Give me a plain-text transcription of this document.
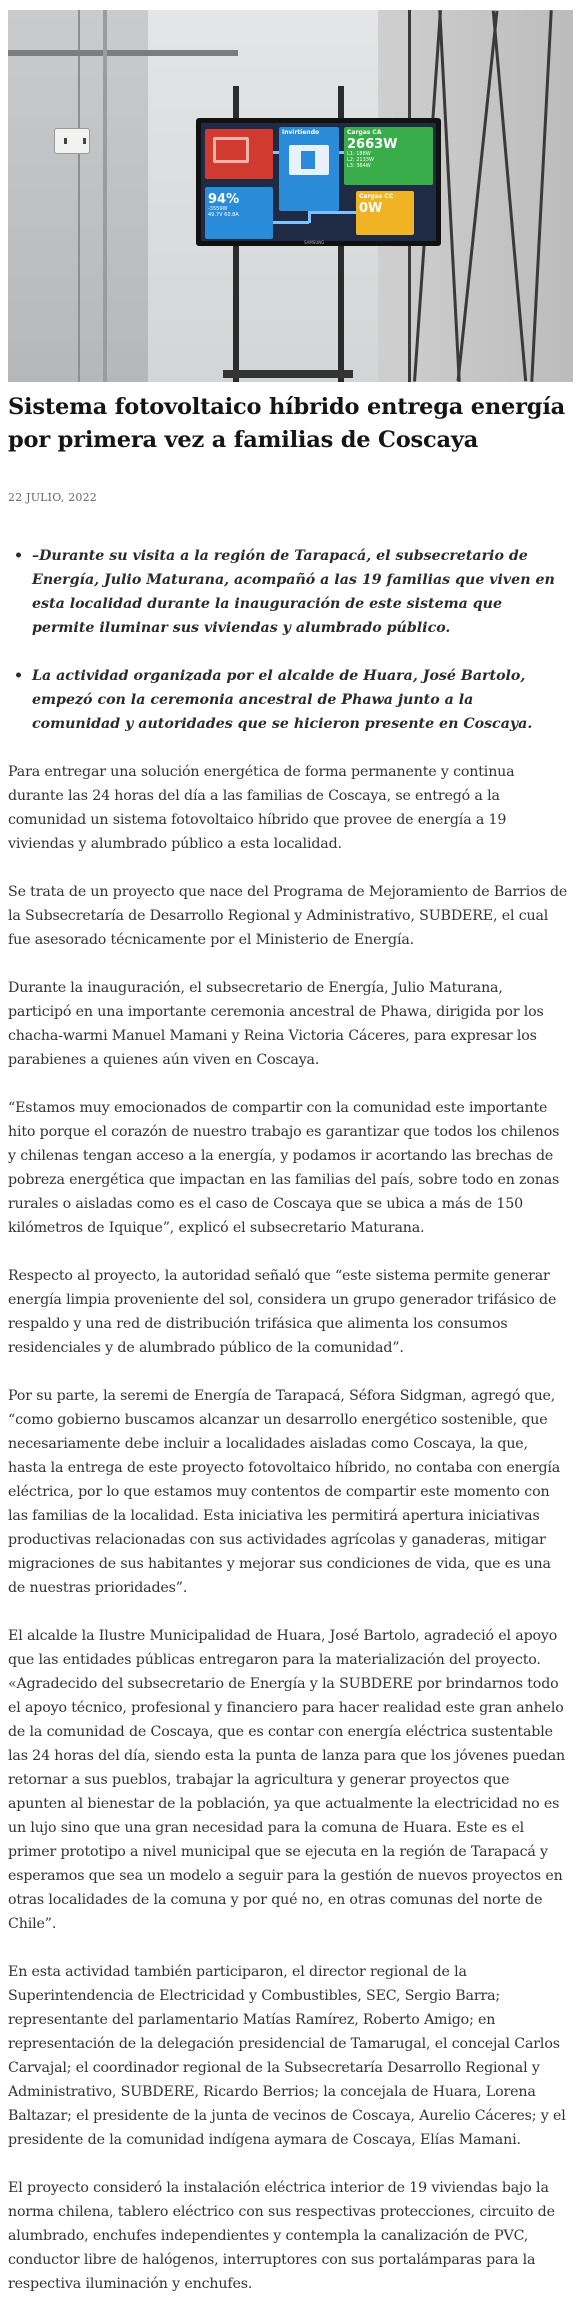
Invirtiendo	Cargas CA
2663W
L1: 188W
L2: 2133W
L3: 364W
94%
-3559W
49.7V 60.8A
Cargas CC
0W
SAMSUNG
Sistema fotovoltaico híbrido entrega energía por primera vez a familias de Coscaya
22 JULIO, 2022
• –Durante su visita a la región de Tarapacá, el subsecretario de Energía, Julio Maturana, acompañó a las 19 familias que viven en esta localidad durante la inauguración de este sistema que permite iluminar sus viviendas y alumbrado público.
• La actividad organizada por el alcalde de Huara, José Bartolo, empezó con la ceremonia ancestral de Phawa junto a la comunidad y autoridades que se hicieron presente en Coscaya.

Para entregar una solución energética de forma permanente y continua durante las 24 horas del día a las familias de Coscaya, se entregó a la comunidad un sistema fotovoltaico híbrido que provee de energía a 19 viviendas y alumbrado público a esta localidad.

Se trata de un proyecto que nace del Programa de Mejoramiento de Barrios de la Subsecretaría de Desarrollo Regional y Administrativo, SUBDERE, el cual fue asesorado técnicamente por el Ministerio de Energía.

Durante la inauguración, el subsecretario de Energía, Julio Maturana, participó en una importante ceremonia ancestral de Phawa, dirigida por los chacha-warmi Manuel Mamani y Reina Victoria Cáceres, para expresar los parabienes a quienes aún viven en Coscaya.

“Estamos muy emocionados de compartir con la comunidad este importante hito porque el corazón de nuestro trabajo es garantizar que todos los chilenos y chilenas tengan acceso a la energía, y podamos ir acortando las brechas de pobreza energética que impactan en las familias del país, sobre todo en zonas rurales o aisladas como es el caso de Coscaya que se ubica a más de 150 kilómetros de Iquique”, explicó el subsecretario Maturana.

Respecto al proyecto, la autoridad señaló que “este sistema permite generar energía limpia proveniente del sol, considera un grupo generador trifásico de respaldo y una red de distribución trifásica que alimenta los consumos residenciales y de alumbrado público de la comunidad”.

Por su parte, la seremi de Energía de Tarapacá, Séfora Sidgman, agregó que, “como gobierno buscamos alcanzar un desarrollo energético sostenible, que necesariamente debe incluir a localidades aisladas como Coscaya, la que, hasta la entrega de este proyecto fotovoltaico híbrido, no contaba con energía eléctrica, por lo que estamos muy contentos de compartir este momento con las familias de la localidad. Esta iniciativa les permitirá apertura iniciativas productivas relacionadas con sus actividades agrícolas y ganaderas, mitigar migraciones de sus habitantes y mejorar sus condiciones de vida, que es una de nuestras prioridades”.

El alcalde la Ilustre Municipalidad de Huara, José Bartolo, agradeció el apoyo que las entidades públicas entregaron para la materialización del proyecto. «Agradecido del subsecretario de Energía y la SUBDERE por brindarnos todo el apoyo técnico, profesional y financiero para hacer realidad este gran anhelo de la comunidad de Coscaya, que es contar con energía eléctrica sustentable las 24 horas del día, siendo esta la punta de lanza para que los jóvenes puedan retornar a sus pueblos, trabajar la agricultura y generar proyectos que apunten al bienestar de la población, ya que actualmente la electricidad no es un lujo sino que una gran necesidad para la comuna de Huara. Este es el primer prototipo a nivel municipal que se ejecuta en la región de Tarapacá y esperamos que sea un modelo a seguir para la gestión de nuevos proyectos en otras localidades de la comuna y por qué no, en otras comunas del norte de Chile”.

En esta actividad también participaron, el director regional de la Superintendencia de Electricidad y Combustibles, SEC, Sergio Barra; representante del parlamentario Matías Ramírez, Roberto Amigo; en representación de la delegación presidencial de Tamarugal, el concejal Carlos Carvajal; el coordinador regional de la Subsecretaría Desarrollo Regional y Administrativo, SUBDERE, Ricardo Berrios; la concejala de Huara, Lorena Baltazar; el presidente de la junta de vecinos de Coscaya, Aurelio Cáceres; y el presidente de la comunidad indígena aymara de Coscaya, Elías Mamani.

El proyecto consideró la instalación eléctrica interior de 19 viviendas bajo la norma chilena, tablero eléctrico con sus respectivas protecciones, circuito de alumbrado, enchufes independientes y contempla la canalización de PVC, conductor libre de halógenos, interruptores con sus portalámparas para la respectiva iluminación y enchufes.
